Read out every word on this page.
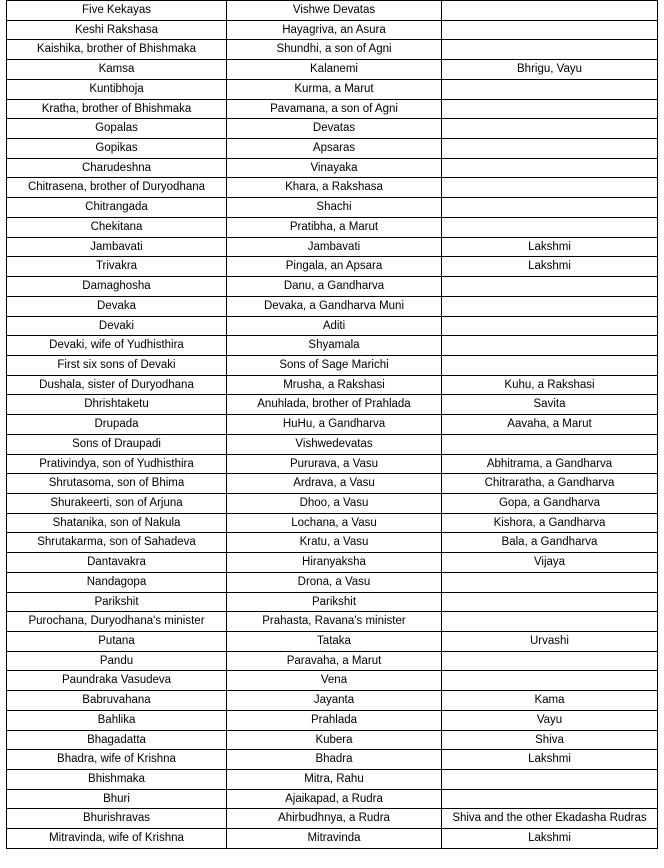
Five Kekayas	Vishwe Devatas	
Keshi Rakshasa	Hayagriva, an Asura	
Kaishika, brother of Bhishmaka	Shundhi, a son of Agni	
Kamsa	Kalanemi	Bhrigu, Vayu
Kuntibhoja	Kurma, a Marut	
Kratha, brother of Bhishmaka	Pavamana, a son of Agni	
Gopalas	Devatas	
Gopikas	Apsaras	
Charudeshna	Vinayaka	
Chitrasena, brother of Duryodhana	Khara, a Rakshasa	
Chitrangada	Shachi	
Chekitana	Pratibha, a Marut	
Jambavati	Jambavati	Lakshmi
Trivakra	Pingala, an Apsara	Lakshmi
Damaghosha	Danu, a Gandharva	
Devaka	Devaka, a Gandharva Muni	
Devaki	Aditi	
Devaki, wife of Yudhisthira	Shyamala	
First six sons of Devaki	Sons of Sage Marichi	
Dushala, sister of Duryodhana	Mrusha, a Rakshasi	Kuhu, a Rakshasi
Dhrishtaketu	Anuhlada, brother of Prahlada	Savita
Drupada	HuHu, a Gandharva	Aavaha, a Marut
Sons of Draupadi	Vishwedevatas	
Prativindya, son of Yudhisthira	Pururava, a Vasu	Abhitrama, a Gandharva
Shrutasoma, son of Bhima	Ardrava, a Vasu	Chitraratha, a Gandharva
Shurakeerti, son of Arjuna	Dhoo, a Vasu	Gopa, a Gandharva
Shatanika, son of Nakula	Lochana, a Vasu	Kishora, a Gandharva
Shrutakarma, son of Sahadeva	Kratu, a Vasu	Bala, a Gandharva
Dantavakra	Hiranyaksha	Vijaya
Nandagopa	Drona, a Vasu	
Parikshit	Parikshit	
Purochana, Duryodhana's minister	Prahasta, Ravana's minister	
Putana	Tataka	Urvashi
Pandu	Paravaha, a Marut	
Paundraka Vasudeva	Vena	
Babruvahana	Jayanta	Kama
Bahlika	Prahlada	Vayu
Bhagadatta	Kubera	Shiva
Bhadra, wife of Krishna	Bhadra	Lakshmi
Bhishmaka	Mitra, Rahu	
Bhuri	Ajaikapad, a Rudra	
Bhurishravas	Ahirbudhnya, a Rudra	Shiva and the other Ekadasha Rudras
Mitravinda, wife of Krishna	Mitravinda	Lakshmi
